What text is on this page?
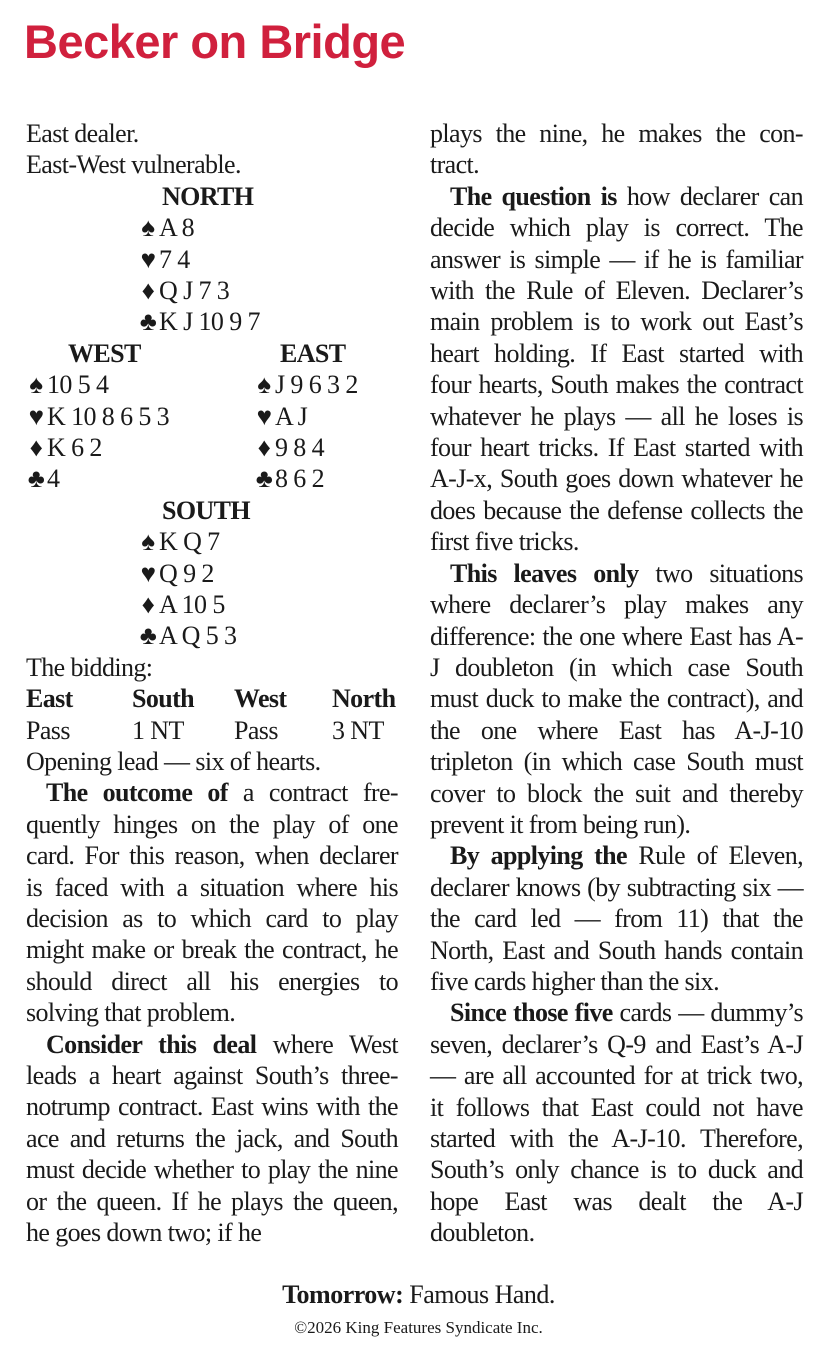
Becker on Bridge
East dealer.
East-West vulnerable.
NORTH
♠ A 8
♥ 7 4
♦ Q J 7 3
♣ K J 10 9 7
WEST	EAST
♠ 10 5 4
♥ K 10 8 6 5 3
♦ K 6 2
♣ 4
♠ J 9 6 3 2
♥ A J
♦ 9 8 4
♣ 8 6 2
SOUTH
♠ K Q 7
♥ Q 9 2
♦ A 10 5
♣ A Q 5 3
The bidding:
East South West North
Pass 1 NT Pass 3 NT
Opening lead — six of hearts.

The outcome of a contract fre- quently hinges on the play of one card. For this reason, when declarer is faced with a situation where his decision as to which card to play might make or break the contract, he should direct all his energies to solving that problem.

Consider this deal where West leads a heart against South’s three- notrump contract. East wins with the ace and returns the jack, and South must decide whether to play the nine or the queen. If he plays the queen, he goes down two; if he

plays the nine, he makes the con- tract.

The question is how declarer can decide which play is correct. The answer is simple — if he is familiar with the Rule of Eleven. Declarer’s main problem is to work out East’s heart holding. If East started with four hearts, South makes the contract whatever he plays — all he loses is four heart tricks. If East started with A-J-x, South goes down whatever he does because the defense collects the first five tricks.

This leaves only two situations where declarer’s play makes any difference: the one where East has A-J doubleton (in which case South must duck to make the contract), and the one where East has A-J-10 tripleton (in which case South must cover to block the suit and thereby prevent it from being run).

By applying the Rule of Eleven, declarer knows (by subtracting six — the card led — from 11) that the North, East and South hands contain five cards higher than the six.

Since those five cards — dummy’s seven, declarer’s Q-9 and East’s A-J — are all accounted for at trick two, it follows that East could not have started with the A-J-10. Therefore, South’s only chance is to duck and hope East was dealt the A-J doubleton.

Tomorrow: Famous Hand.
©2026 King Features Syndicate Inc.
